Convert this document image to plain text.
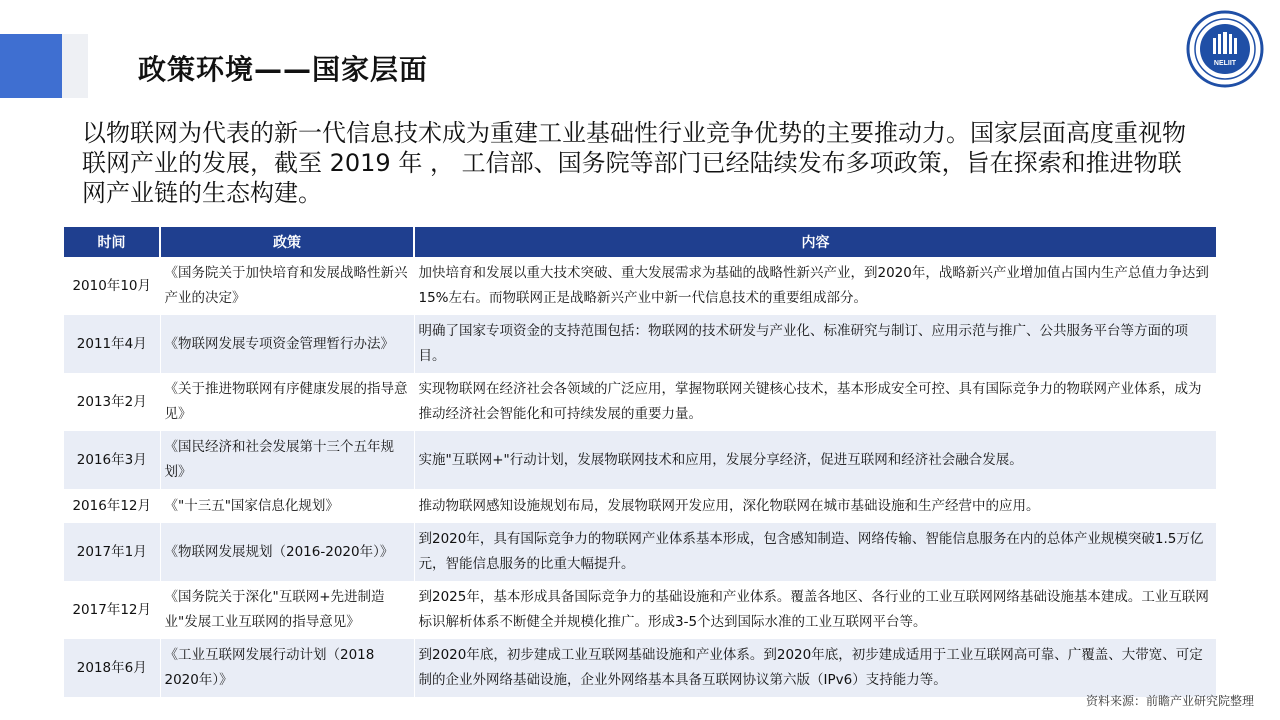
政策环境——国家层面	NELIIT

以物联网为代表的新一代信息技术成为重建工业基础性行业竞争优势的主要推动力。国家层面高度重视物联网产业的发展，截至 2019 年 ， 工信部、国务院等部门已经陆续发布多项政策，旨在探索和推进物联网产业链的生态构建。

时间	政策	内容
2010年10月	《国务院关于加快培育和发展战略性新兴产业的决定》	加快培育和发展以重大技术突破、重大发展需求为基础的战略性新兴产业，到2020年，战略新兴产业增加值占国内生产总值力争达到15%左右。而物联网正是战略新兴产业中新一代信息技术的重要组成部分。
2011年4月	《物联网发展专项资金管理暂行办法》	明确了国家专项资金的支持范围包括：物联网的技术研发与产业化、标准研究与制订、应用示范与推广、公共服务平台等方面的项目。
2013年2月	《关于推进物联网有序健康发展的指导意见》	实现物联网在经济社会各领域的广泛应用，掌握物联网关键核心技术，基本形成安全可控、具有国际竞争力的物联网产业体系，成为推动经济社会智能化和可持续发展的重要力量。
2016年3月	《国民经济和社会发展第十三个五年规划》	实施"互联网+"行动计划，发展物联网技术和应用，发展分享经济，促进互联网和经济社会融合发展。
2016年12月	《"十三五"国家信息化规划》	推动物联网感知设施规划布局，发展物联网开发应用，深化物联网在城市基础设施和生产经营中的应用。
2017年1月	《物联网发展规划（2016-2020年）》	到2020年，具有国际竞争力的物联网产业体系基本形成，包含感知制造、网络传输、智能信息服务在内的总体产业规模突破1.5万亿元，智能信息服务的比重大幅提升。
2017年12月	《国务院关于深化"互联网+先进制造业"发展工业互联网的指导意见》	到2025年，基本形成具备国际竞争力的基础设施和产业体系。覆盖各地区、各行业的工业互联网网络基础设施基本建成。工业互联网标识解析体系不断健全并规模化推广。形成3-5个达到国际水准的工业互联网平台等。
2018年6月	《工业互联网发展行动计划（2018 2020年）》	到2020年底，初步建成工业互联网基础设施和产业体系。到2020年底，初步建成适用于工业互联网高可靠、广覆盖、大带宽、可定制的企业外网络基础设施，企业外网络基本具备互联网协议第六版（IPv6）支持能力等。
资料来源：前瞻产业研究院整理
